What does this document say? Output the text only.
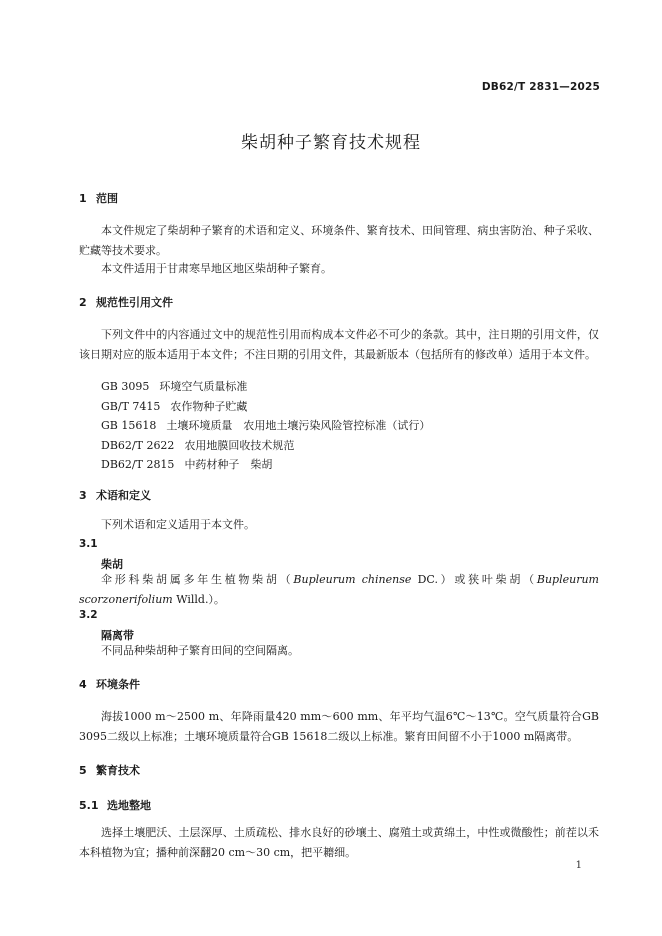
DB62/T 2831—2025
柴胡种子繁育技术规程
1 范围
本文件规定了柴胡种子繁育的术语和定义、环境条件、繁育技术、田间管理、病虫害防治、种子采收、贮藏等技术要求。
本文件适用于甘肃寒旱地区地区柴胡种子繁育。
2 规范性引用文件
下列文件中的内容通过文中的规范性引用而构成本文件必不可少的条款。其中，注日期的引用文件，仅该日期对应的版本适用于本文件；不注日期的引用文件，其最新版本（包括所有的修改单）适用于本文件。
GB 3095 环境空气质量标准
GB/T 7415 农作物种子贮藏
GB 15618 土壤环境质量　农用地土壤污染风险管控标准（试行）
DB62/T 2622 农用地膜回收技术规范
DB62/T 2815 中药材种子　柴胡
3 术语和定义
下列术语和定义适用于本文件。
3.1
柴胡
伞形科柴胡属多年生植物柴胡（Bupleurum chinense DC.）或狭叶柴胡（Bupleurum scorzonerifolium Willd.）。
3.2
隔离带
不同品种柴胡种子繁育田间的空间隔离。
4 环境条件
海拔1000 m～2500 m、年降雨量420 mm～600 mm、年平均气温6℃～13℃。空气质量符合GB 3095二级以上标准；土壤环境质量符合GB 15618二级以上标准。繁育田间留不小于1000 m隔离带。
5 繁育技术
5.1 选地整地
选择土壤肥沃、土层深厚、土质疏松、排水良好的砂壤土、腐殖土或黄绵土，中性或微酸性；前茬以禾本科植物为宜；播种前深翻20 cm～30 cm，把平耱细。
1
